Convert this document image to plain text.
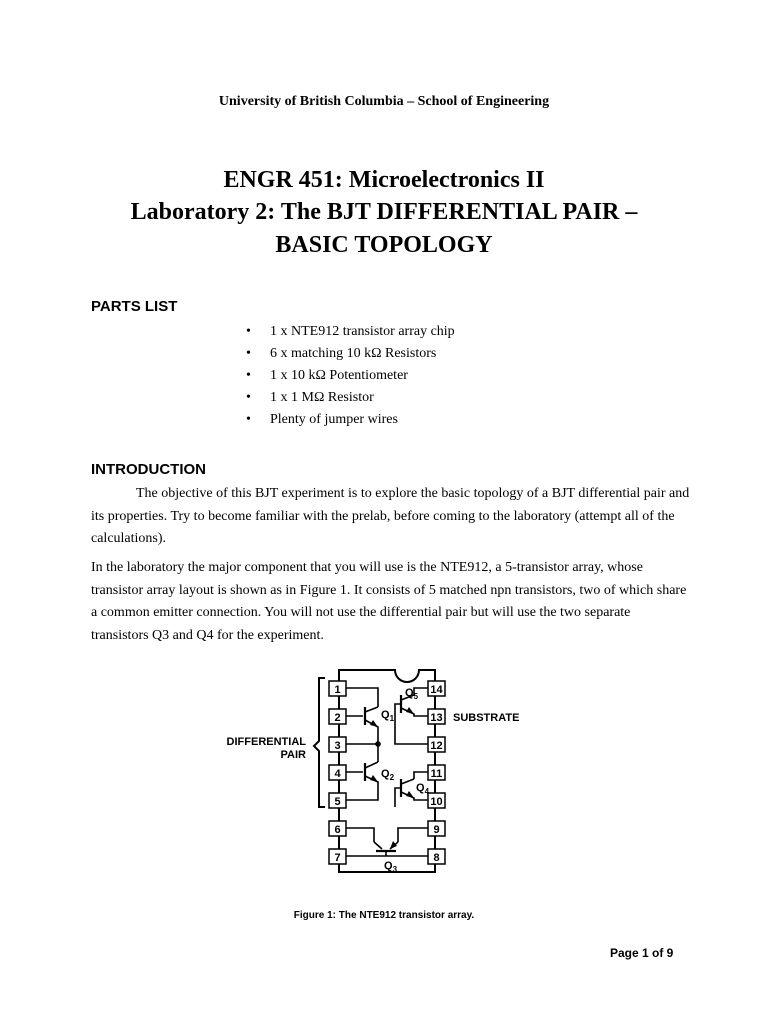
University of British Columbia – School of Engineering
ENGR 451: Microelectronics II
Laboratory 2: The BJT DIFFERENTIAL PAIR –
BASIC TOPOLOGY
PARTS LIST
• 1 x NTE912 transistor array chip
• 6 x matching 10 kΩ Resistors
• 1 x 10 kΩ Potentiometer
• 1 x 1 MΩ Resistor
• Plenty of jumper wires
INTRODUCTION

The objective of this BJT experiment is to explore the basic topology of a BJT differential pair and its properties. Try to become familiar with the prelab, before coming to the laboratory (attempt all of the calculations).

In the laboratory the major component that you will use is the NTE912, a 5-transistor array, whose transistor array layout is shown as in Figure 1. It consists of 5 matched npn transistors, two of which share a common emitter connection. You will not use the differential pair but will use the two separate transistors Q3 and Q4 for the experiment.

1
2
3
4
5
6
7
14
13
12
11
10
9
8
$Q_1$
$Q_2$
$Q_5$
$Q_4$
$Q_3$
DIFFERENTIAL
PAIR
SUBSTRATE
Figure 1: The NTE912 transistor array.
Page 1 of 9
